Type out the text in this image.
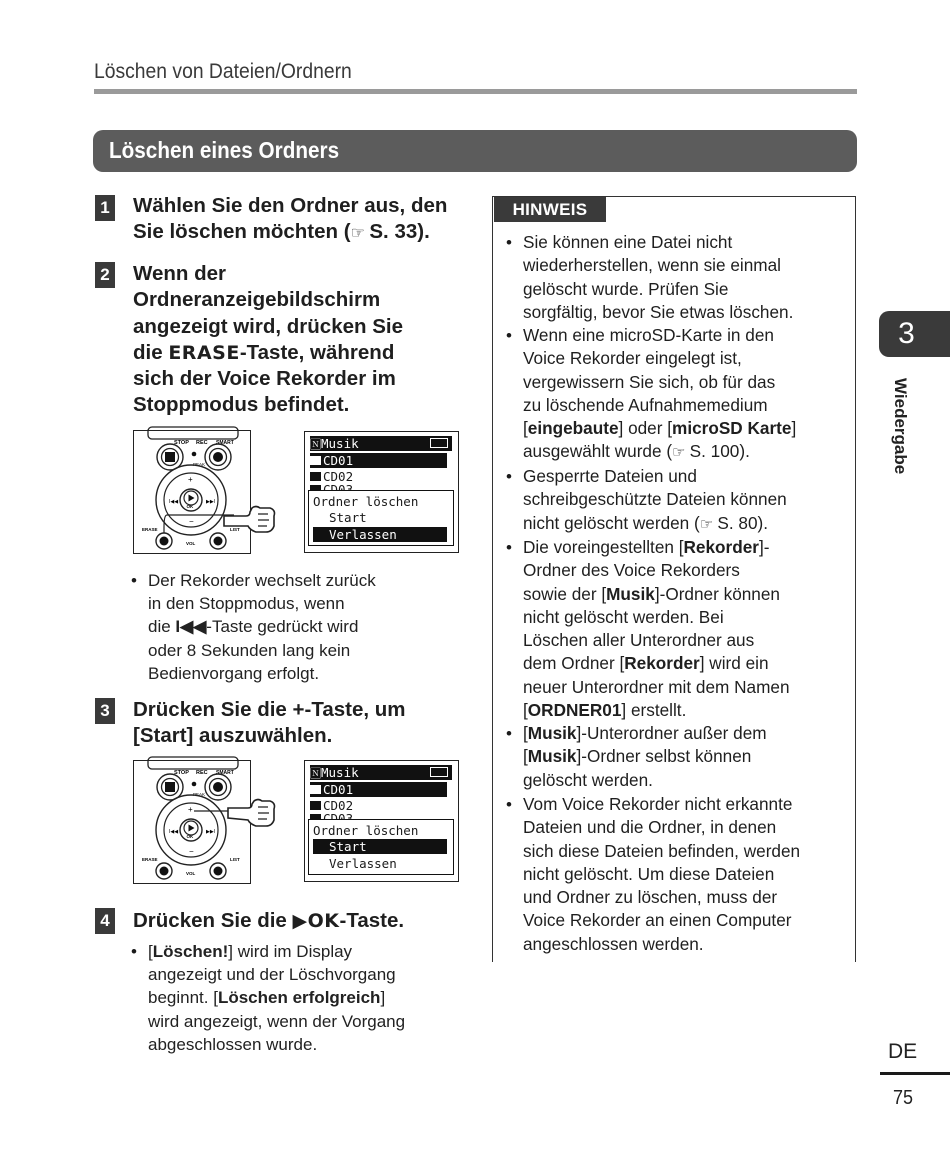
Löschen von Dateien/Ordnern
Löschen eines Ordners
1 Wählen Sie den Ordner aus, den
Sie löschen möchten (☞ S. 33).
2 Wenn der
Ordneranzeigebildschirm
angezeigt wird, drücken Sie
die ERASE-Taste, während
sich der Voice Rekorder im
Stoppmodus befindet.
STOP REC SMART
PEAK
OK
+
−
I◀◀	▶▶I
ERASE	LIST
VOL
🄽Musik
CD01
CD02
Ordner löschen
Start
Verlassen
• Der Rekorder wechselt zurück
in den Stoppmodus, wenn
die I◀◀-Taste gedrückt wird
oder 8 Sekunden lang kein
Bedienvorgang erfolgt.
3 Drücken Sie die +-Taste, um
[Start] auszuwählen.
STOP REC SMART
PEAK
OK
+
−
I◀◀	▶▶I
ERASE	LIST
VOL
🄽Musik
CD01
CD02
Ordner löschen
Start
Verlassen
4 Drücken Sie die ▶OK-Taste.
• [Löschen!] wird im Display
angezeigt und der Löschvorgang
beginnt. [Löschen erfolgreich]
wird angezeigt, wenn der Vorgang
abgeschlossen wurde.
HINWEIS
• Sie können eine Datei nicht
wiederherstellen, wenn sie einmal
gelöscht wurde. Prüfen Sie
sorgfältig, bevor Sie etwas löschen.
• Wenn eine microSD-Karte in den
Voice Rekorder eingelegt ist,
vergewissern Sie sich, ob für das
zu löschende Aufnahmemedium
[eingebaute] oder [microSD Karte]
ausgewählt wurde (☞ S. 100).
• Gesperrte Dateien und
schreibgeschützte Dateien können
nicht gelöscht werden (☞ S. 80).
• Die voreingestellten [Rekorder]-
Ordner des Voice Rekorders
sowie der [Musik]-Ordner können
nicht gelöscht werden. Bei
Löschen aller Unterordner aus
dem Ordner [Rekorder] wird ein
neuer Unterordner mit dem Namen
[ORDNER01] erstellt.
• [Musik]-Unterordner außer dem
[Musik]-Ordner selbst können
gelöscht werden.
• Vom Voice Rekorder nicht erkannte
Dateien und die Ordner, in denen
sich diese Dateien befinden, werden
nicht gelöscht. Um diese Dateien
und Ordner zu löschen, muss der
Voice Rekorder an einen Computer
angeschlossen werden.
3
Wiedergabe
DE
75
